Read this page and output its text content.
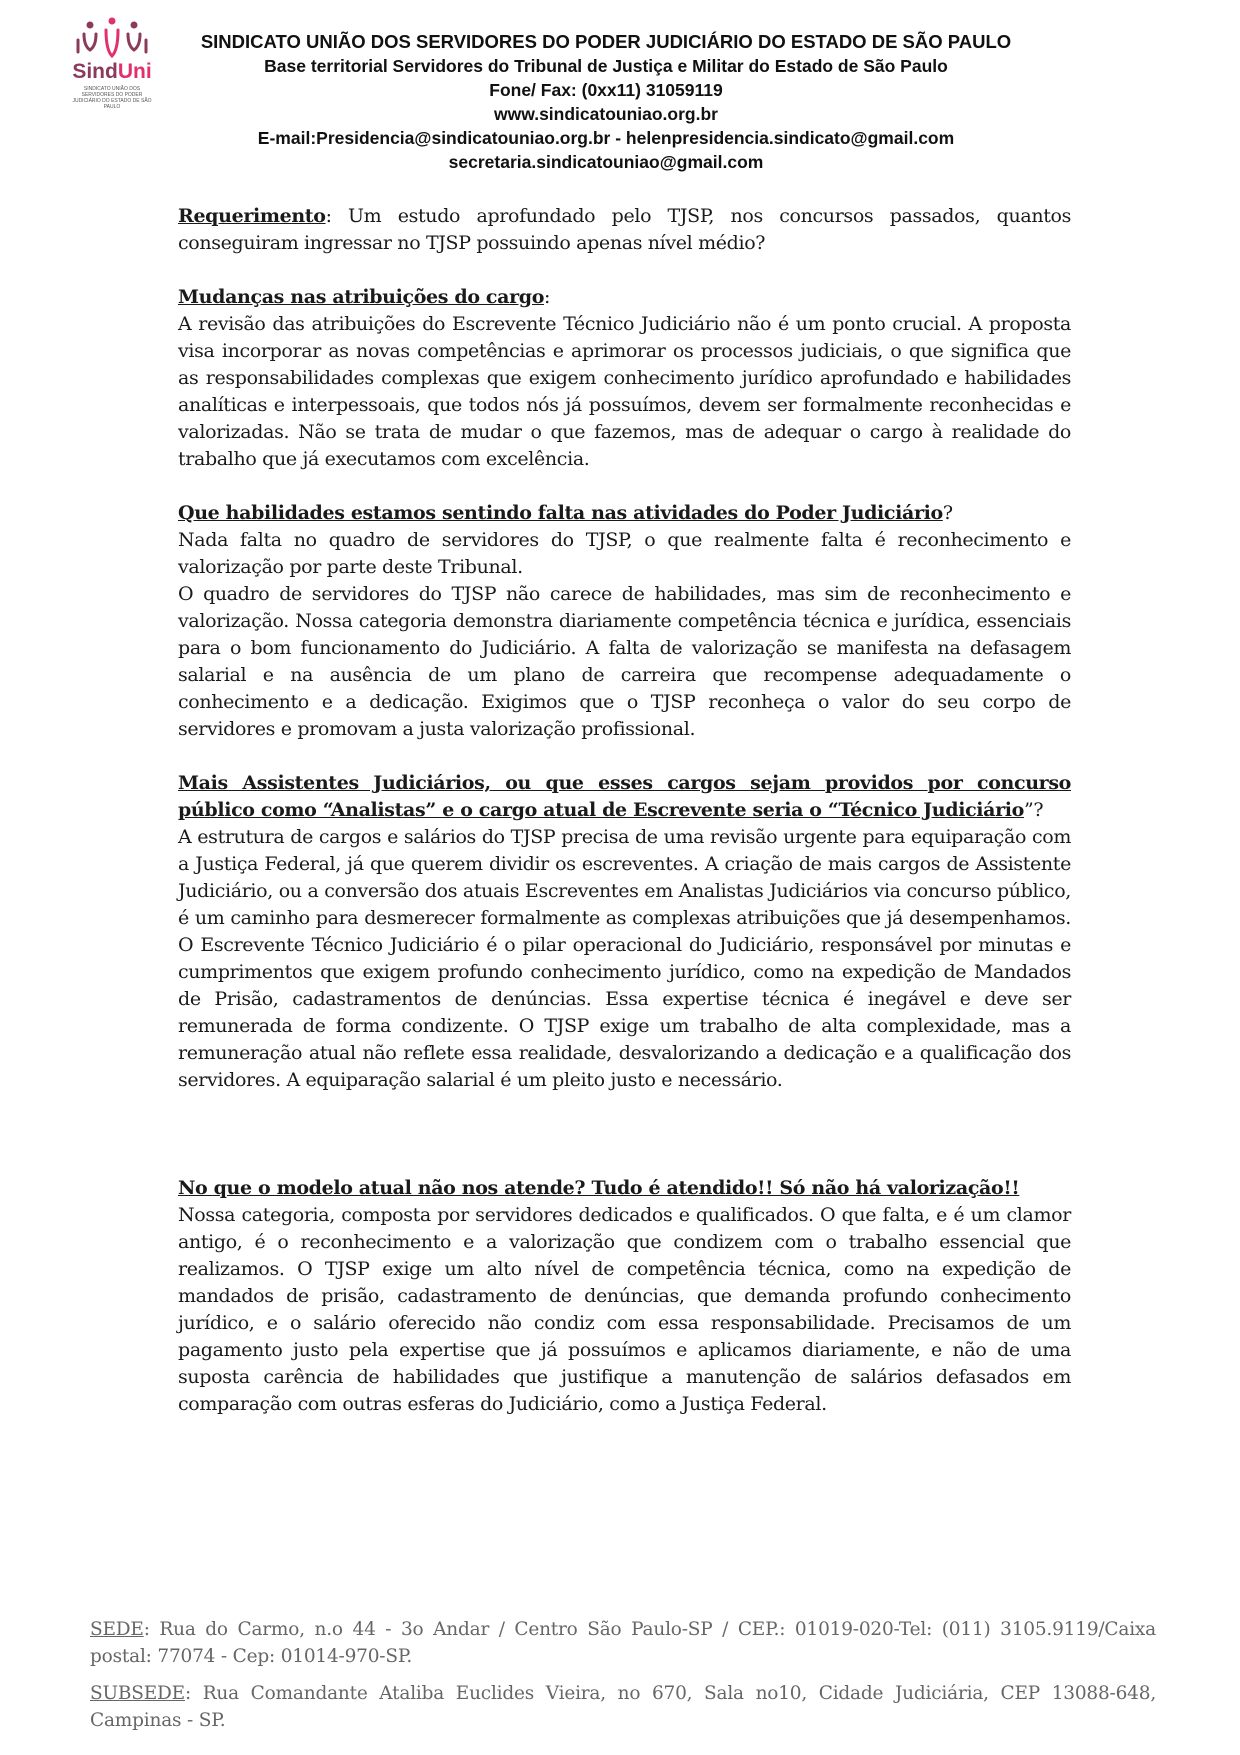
SindUni
SINDICATO UNIÃO DOS SERVIDORES DO PODER JUDICIÁRIO DO ESTADO DE SÃO PAULO
SINDICATO UNIÃO DOS SERVIDORES DO PODER JUDICIÁRIO DO ESTADO DE SÃO PAULO
Base territorial Servidores do Tribunal de Justiça e Militar do Estado de São Paulo
Fone/ Fax: (0xx11) 31059119
www.sindicatouniao.org.br
E-mail:Presidencia@sindicatouniao.org.br - helenpresidencia.sindicato@gmail.com
secretaria.sindicatouniao@gmail.com

Requerimento: Um estudo aprofundado pelo TJSP, nos concursos passados, quantos conseguiram ingressar no TJSP possuindo apenas nível médio?

Mudanças nas atribuições do cargo:

A revisão das atribuições do Escrevente Técnico Judiciário não é um ponto crucial. A proposta visa incorporar as novas competências e aprimorar os processos judiciais, o que significa que as responsabilidades complexas que exigem conhecimento jurídico aprofundado e habilidades analíticas e interpessoais, que todos nós já possuímos, devem ser formalmente reconhecidas e valorizadas. Não se trata de mudar o que fazemos, mas de adequar o cargo à realidade do trabalho que já executamos com excelência.

Que habilidades estamos sentindo falta nas atividades do Poder Judiciário?

Nada falta no quadro de servidores do TJSP, o que realmente falta é reconhecimento e valorização por parte deste Tribunal.

O quadro de servidores do TJSP não carece de habilidades, mas sim de reconhecimento e valorização. Nossa categoria demonstra diariamente competência técnica e jurídica, essenciais para o bom funcionamento do Judiciário. A falta de valorização se manifesta na defasagem salarial e na ausência de um plano de carreira que recompense adequadamente o conhecimento e a dedicação. Exigimos que o TJSP reconheça o valor do seu corpo de servidores e promovam a justa valorização profissional.

Mais Assistentes Judiciários, ou que esses cargos sejam providos por concurso público como “Analistas” e o cargo atual de Escrevente seria o “Técnico Judiciário”?

A estrutura de cargos e salários do TJSP precisa de uma revisão urgente para equiparação com a Justiça Federal, já que querem dividir os escreventes. A criação de mais cargos de Assistente Judiciário, ou a conversão dos atuais Escreventes em Analistas Judiciários via concurso público, é um caminho para desmerecer formalmente as complexas atribuições que já desempenhamos. O Escrevente Técnico Judiciário é o pilar operacional do Judiciário, responsável por minutas e cumprimentos que exigem profundo conhecimento jurídico, como na expedição de Mandados de Prisão, cadastramentos de denúncias. Essa expertise técnica é inegável e deve ser remunerada de forma condizente. O TJSP exige um trabalho de alta complexidade, mas a remuneração atual não reflete essa realidade, desvalorizando a dedicação e a qualificação dos servidores. A equiparação salarial é um pleito justo e necessário.

No que o modelo atual não nos atende? Tudo é atendido!! Só não há valorização!!

Nossa categoria, composta por servidores dedicados e qualificados. O que falta, e é um clamor antigo, é o reconhecimento e a valorização que condizem com o trabalho essencial que realizamos. O TJSP exige um alto nível de competência técnica, como na expedição de mandados de prisão, cadastramento de denúncias, que demanda profundo conhecimento jurídico, e o salário oferecido não condiz com essa responsabilidade. Precisamos de um pagamento justo pela expertise que já possuímos e aplicamos diariamente, e não de uma suposta carência de habilidades que justifique a manutenção de salários defasados em comparação com outras esferas do Judiciário, como a Justiça Federal.

SEDE: Rua do Carmo, n.o 44 - 3o Andar / Centro São Paulo-SP / CEP.: 01019-020-Tel: (011) 3105.9119/Caixa postal: 77074 - Cep: 01014-970-SP.

SUBSEDE: Rua Comandante Ataliba Euclides Vieira, no 670, Sala no10, Cidade Judiciária, CEP 13088-648, Campinas - SP.
